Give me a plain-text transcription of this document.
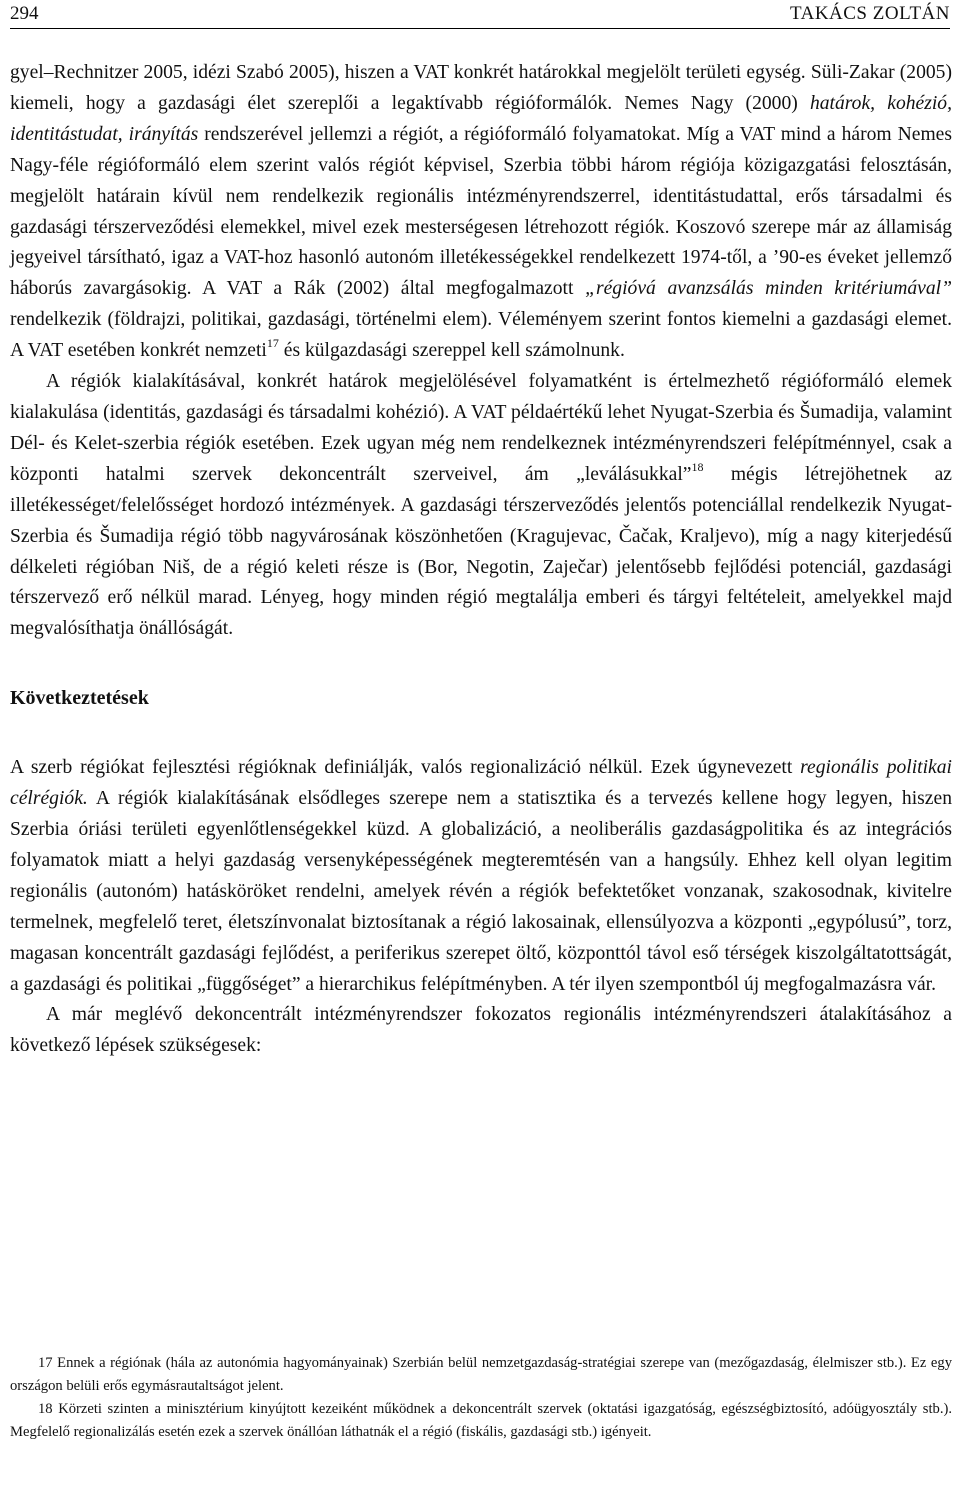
294	TAKÁCS ZOLTÁN

gyel–Rechnitzer 2005, idézi Szabó 2005), hiszen a VAT konkrét határokkal megjelölt területi egység. Süli-Zakar (2005) kiemeli, hogy a gazdasági élet szereplői a legaktívabb régióformálók. Nemes Nagy (2000) határok, kohézió, identitástudat, irányítás rendszerével jellemzi a régiót, a régióformáló folyamatokat. Míg a VAT mind a három Nemes Nagy-féle régióformáló elem szerint valós régiót képvisel, Szerbia többi három régiója közigazgatási felosztásán, megjelölt határain kívül nem rendelkezik regionális intézményrendszerrel, identitástudattal, erős társadalmi és gazdasági térszerveződési elemekkel, mivel ezek mesterségesen létrehozott régiók. Koszovó szerepe már az államiság jegyeivel társítható, igaz a VAT-hoz hasonló autonóm illetékességekkel rendelkezett 1974-től, a ’90-es éveket jellemző háborús zavargásokig. A VAT a Rák (2002) által megfogalmazott „régióvá avanzsálás minden kritériumával” rendelkezik (földrajzi, politikai, gazdasági, történelmi elem). Véleményem szerint fontos kiemelni a gazdasági elemet. A VAT esetében konkrét nemzeti$^{17}$ és külgazdasági szereppel kell számolnunk.

A régiók kialakításával, konkrét határok megjelölésével folyamatként is értelmezhető régióformáló elemek kialakulása (identitás, gazdasági és társadalmi kohézió). A VAT példaértékű lehet Nyugat-Szerbia és Šumadija, valamint Dél- és Kelet-szerbia régiók esetében. Ezek ugyan még nem rendelkeznek intézményrendszeri felépítménnyel, csak a központi hatalmi szervek dekoncentrált szerveivel, ám „leválásukkal”$^{18}$ mégis létrejöhetnek az illetékességet/felelősséget hordozó intézmények. A gazdasági térszerveződés jelentős potenciállal rendelkezik Nyugat-Szerbia és Šumadija régió több nagyvárosának köszönhetően (Kragujevac, Čačak, Kraljevo), míg a nagy kiterjedésű délkeleti régióban Niš, de a régió keleti része is (Bor, Negotin, Zaječar) jelentősebb fejlődési potenciál, gazdasági térszervező erő nélkül marad. Lényeg, hogy minden régió megtalálja emberi és tárgyi feltételeit, amelyekkel majd megvalósíthatja önállóságát.

Következtetések

A szerb régiókat fejlesztési régióknak definiálják, valós regionalizáció nélkül. Ezek úgynevezett regionális politikai célrégiók. A régiók kialakításának elsődleges szerepe nem a statisztika és a tervezés kellene hogy legyen, hiszen Szerbia óriási területi egyenlőtlenségekkel küzd. A globalizáció, a neoliberális gazdaságpolitika és az integrációs folyamatok miatt a helyi gazdaság versenyképességének megteremtésén van a hangsúly. Ehhez kell olyan legitim regionális (autonóm) hatásköröket rendelni, amelyek révén a régiók befektetőket vonzanak, szakosodnak, kivitelre termelnek, megfelelő teret, életszínvonalat biztosítanak a régió lakosainak, ellensúlyozva a központi „egypólusú”, torz, magasan koncentrált gazdasági fejlődést, a periferikus szerepet öltő, központtól távol eső térségek kiszolgáltatottságát, a gazdasági és politikai „függőséget” a hierarchikus felépítményben. A tér ilyen szempontból új megfogalmazásra vár.

A már meglévő dekoncentrált intézményrendszer fokozatos regionális intézményrendszeri átalakításához a következő lépések szükségesek:

17 Ennek a régiónak (hála az autonómia hagyományainak) Szerbián belül nemzetgazdaság-stratégiai szerepe van (mezőgazdaság, élelmiszer stb.). Ez egy országon belüli erős egymásrautaltságot jelent.

18 Körzeti szinten a minisztérium kinyújtott kezeiként működnek a dekoncentrált szervek (oktatási igazgatóság, egészségbiztosító, adóügyosztály stb.). Megfelelő regionalizálás esetén ezek a szervek önállóan láthatnák el a régió (fiskális, gazdasági stb.) igényeit.
